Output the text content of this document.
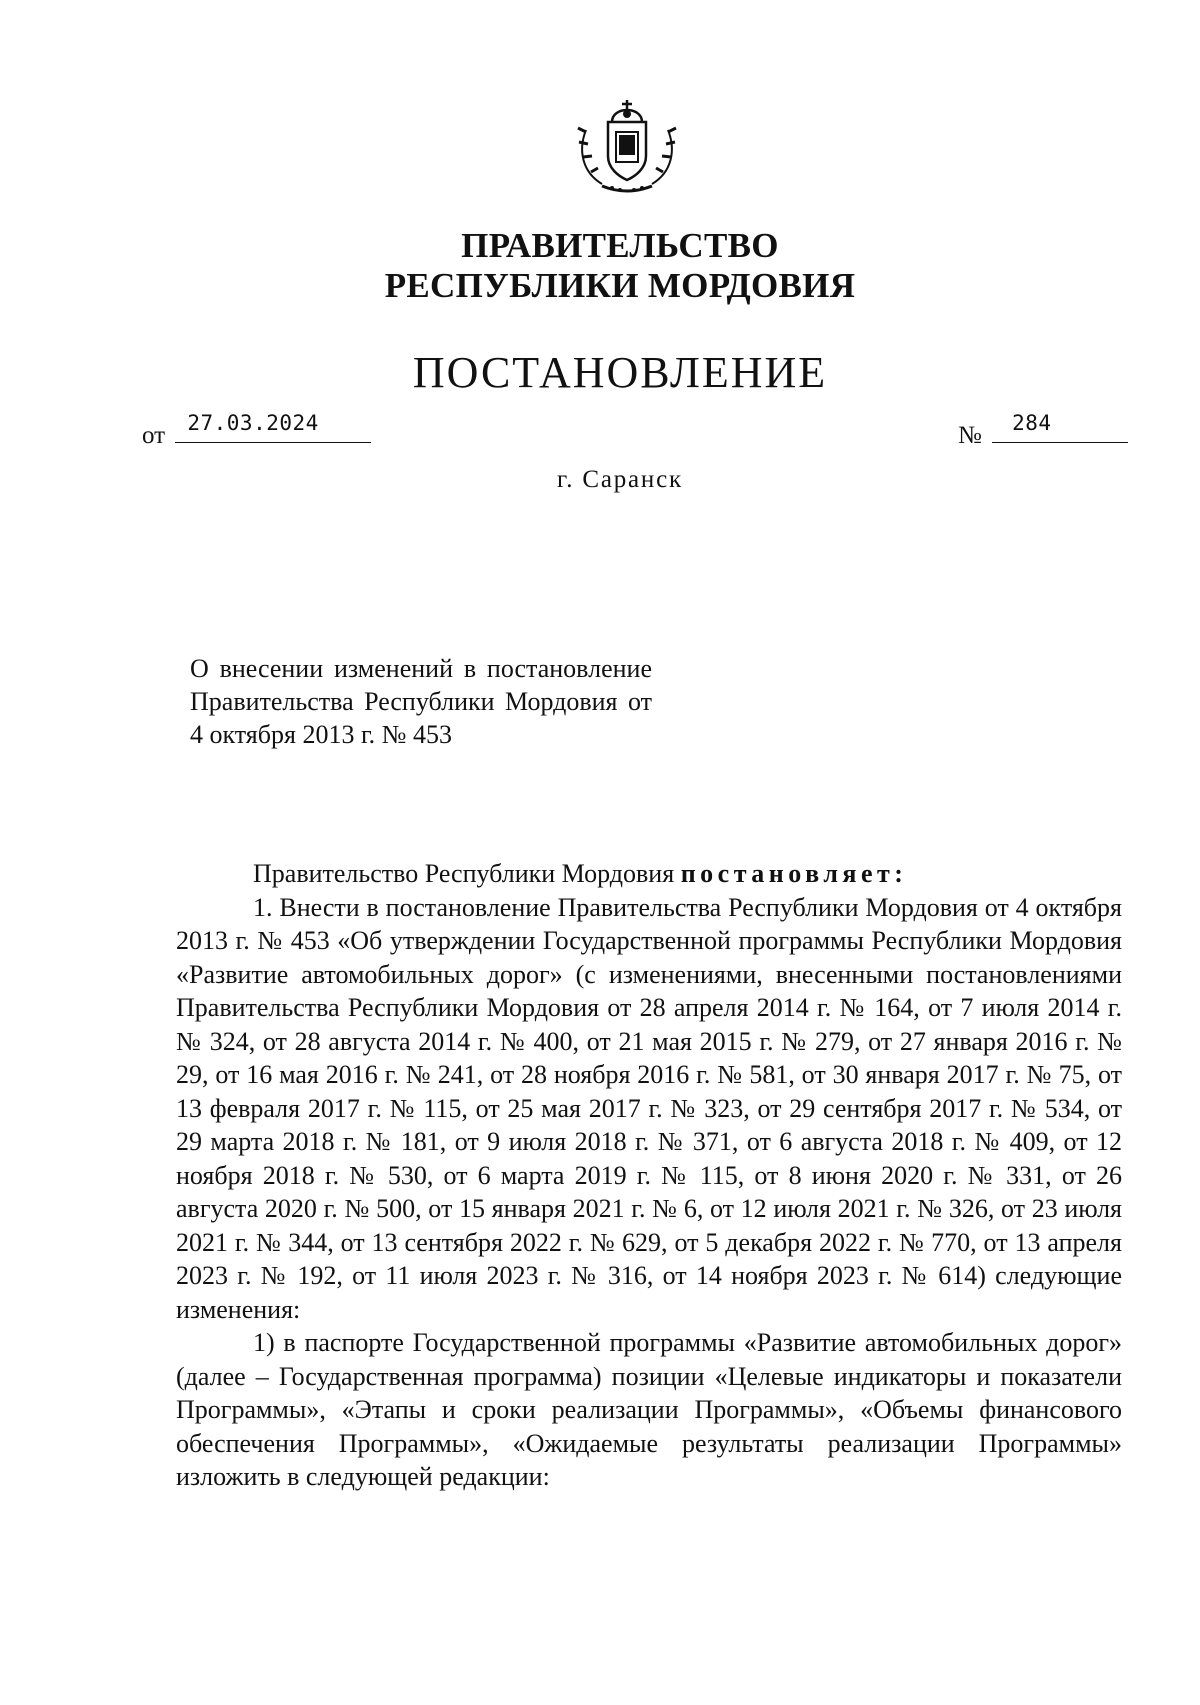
ПРАВИТЕЛЬСТВО
РЕСПУБЛИКИ МОРДОВИЯ
ПОСТАНОВЛЕНИЕ
от 27.03.2024	№ 284
г. Саранск
О внесении изменений в постановление Правительства Республики Мордовия от 4 октября 2013 г. № 453
Правительство Республики Мордовия постановляет:

1. Внести в постановление Правительства Республики Мордовия от 4 октября 2013 г. № 453 «Об утверждении Государственной программы Республики Мордовия «Развитие автомобильных дорог» (с изменениями, внесенными постановлениями Правительства Республики Мордовия от 28 апреля 2014 г. № 164, от 7 июля 2014 г. № 324, от 28 августа 2014 г. № 400, от 21 мая 2015 г. № 279, от 27 января 2016 г. № 29, от 16 мая 2016 г. № 241, от 28 ноября 2016 г. № 581, от 30 января 2017 г. № 75, от 13 февраля 2017 г. № 115, от 25 мая 2017 г. № 323, от 29 сентября 2017 г. № 534, от 29 марта 2018 г. № 181, от 9 июля 2018 г. № 371, от 6 августа 2018 г. № 409, от 12 ноября 2018 г. № 530, от 6 марта 2019 г. № 115, от 8 июня 2020 г. № 331, от 26 августа 2020 г. № 500, от 15 января 2021 г. № 6, от 12 июля 2021 г. № 326, от 23 июля 2021 г. № 344, от 13 сентября 2022 г. № 629, от 5 декабря 2022 г. № 770, от 13 апреля 2023 г. № 192, от 11 июля 2023 г. № 316, от 14 ноября 2023 г. № 614) следующие изменения:

1) в паспорте Государственной программы «Развитие автомобильных дорог» (далее – Государственная программа) позиции «Целевые индикаторы и показатели Программы», «Этапы и сроки реализации Программы», «Объемы финансового обеспечения Программы», «Ожидаемые результаты реализации Программы» изложить в следующей редакции:
